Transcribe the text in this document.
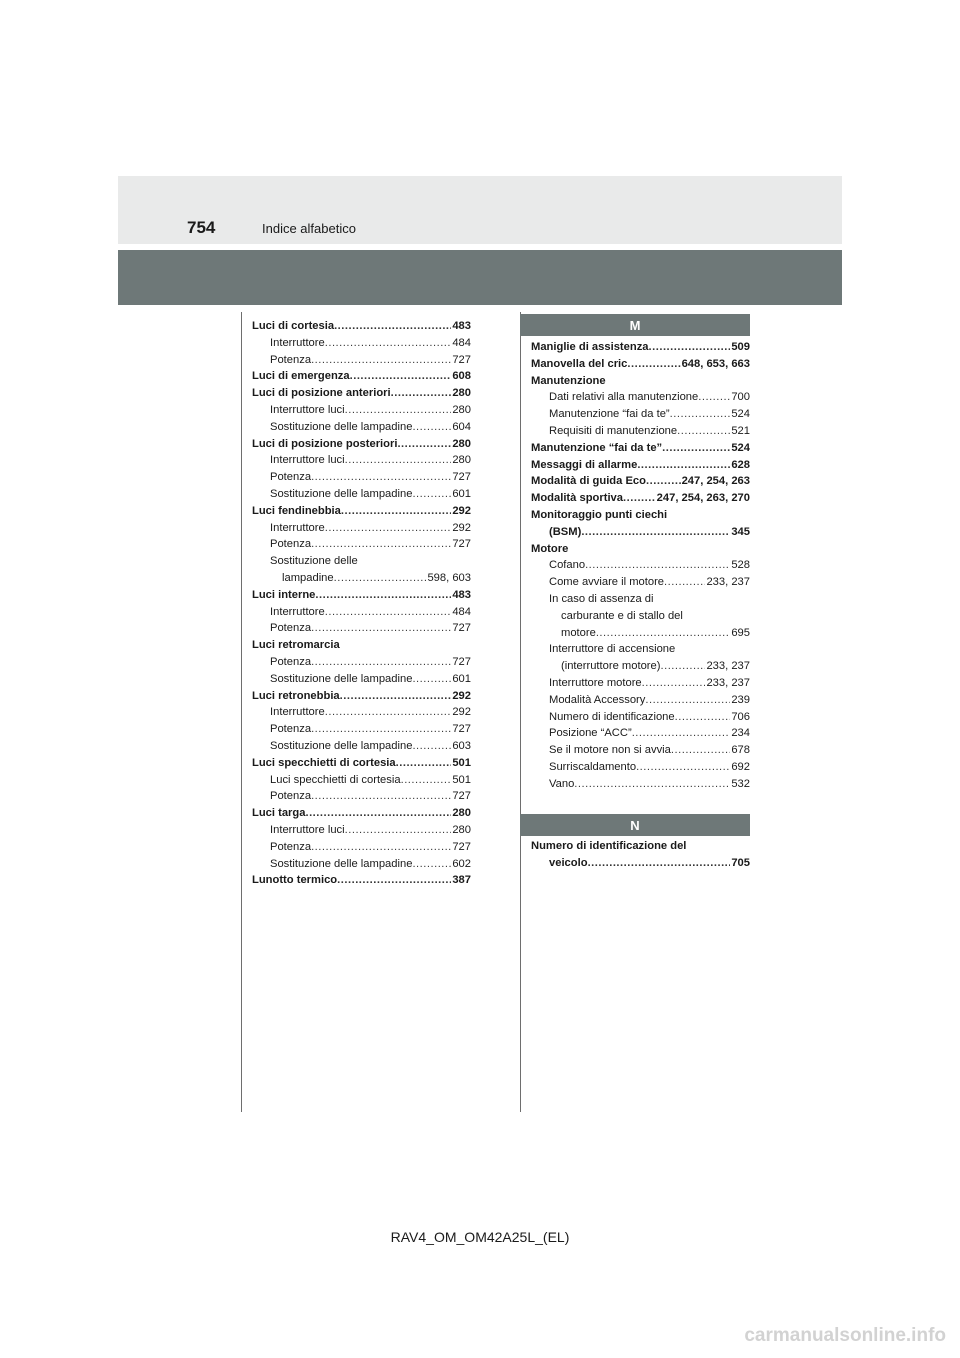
754	Indice alfabetico
Luci di cortesia .....	483
Interruttore .....	484
Potenza .....	727
Luci di emergenza .....	608
Luci di posizione anteriori .....	280
Interruttore luci .....	280
Sostituzione delle lampadine .....	604
Luci di posizione posteriori .....	280
Interruttore luci .....	280
Potenza .....	727
Sostituzione delle lampadine .....	601
Luci fendinebbia .....	292
Interruttore .....	292
Potenza .....	727
Sostituzione delle
lampadine .....	598, 603
Luci interne .....	483
Interruttore .....	484
Potenza .....	727
Luci retromarcia
Potenza .....	727
Sostituzione delle lampadine .....	601
Luci retronebbia .....	292
Interruttore .....	292
Potenza .....	727
Sostituzione delle lampadine .....	603
Luci specchietti di cortesia .....	501
Luci specchietti di cortesia .....	501
Potenza .....	727
Luci targa .....	280
Interruttore luci .....	280
Potenza .....	727
Sostituzione delle lampadine .....	602
Lunotto termico .....	387
M
Maniglie di assistenza .....	509
Manovella del cric .....	648, 653, 663
Manutenzione
Dati relativi alla manutenzione .....	700
Manutenzione “fai da te” .....	524
Requisiti di manutenzione .....	521
Manutenzione “fai da te” .....	524
Messaggi di allarme .....	628
Modalità di guida Eco .....	247, 254, 263
Modalità sportiva .....	247, 254, 263, 270
Monitoraggio punti ciechi
(BSM) .....	345
Motore
Cofano .....	528
Come avviare il motore .....	233, 237
In caso di assenza di
carburante e di stallo del
motore .....	695
Interruttore di accensione
(interruttore motore) .....	233, 237
Interruttore motore .....	233, 237
Modalità Accessory .....	239
Numero di identificazione .....	706
Posizione “ACC” .....	234
Se il motore non si avvia .....	678
Surriscaldamento .....	692
Vano .....	532
N
Numero di identificazione del
veicolo .....	705
RAV4_OM_OM42A25L_(EL)
carmanualsonline.info
